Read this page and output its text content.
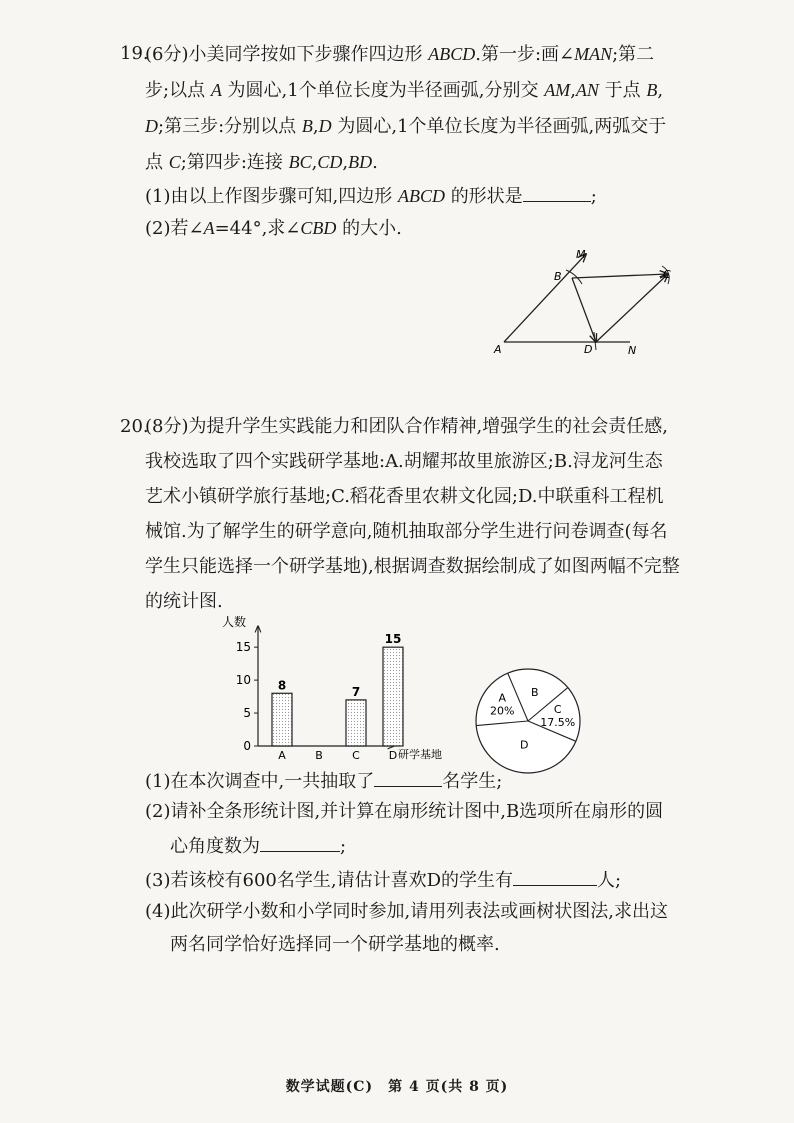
19.
(6分)小美同学按如下步骤作四边形 ABCD.第一步:画∠MAN;第二
步;以点 A 为圆心,1个单位长度为半径画弧,分别交 AM,AN 于点 B,
D;第三步:分别以点 B,D 为圆心,1个单位长度为半径画弧,两弧交于
点 C;第四步:连接 BC,CD,BD.
(1)由以上作图步骤可知,四边形 ABCD 的形状是	;
(2)若∠A=44°,求∠CBD 的大小.
M
B	C
A	D	N
20.
(8分)为提升学生实践能力和团队合作精神,增强学生的社会责任感,
我校选取了四个实践研学基地:A.胡耀邦故里旅游区;B.浔龙河生态
艺术小镇研学旅行基地;C.稻花香里农耕文化园;D.中联重科工程机
械馆.为了解学生的研学意向,随机抽取部分学生进行问卷调查(每名
学生只能选择一个研学基地),根据调查数据绘制成了如图两幅不完整
的统计图.
人数
研学基地
0
5
10
15
8
A	B
7
C
15
D
A
20%
B
C
17.5%
D
(1)在本次调查中,一共抽取了	名学生;
(2)请补全条形统计图,并计算在扇形统计图中,B选项所在扇形的圆
心角度数为	;
(3)若该校有600名学生,请估计喜欢D的学生有	人;
(4)此次研学小数和小学同时参加,请用列表法或画树状图法,求出这
两名同学恰好选择同一个研学基地的概率.
数学试题(C)　第 4 页(共 8 页)
